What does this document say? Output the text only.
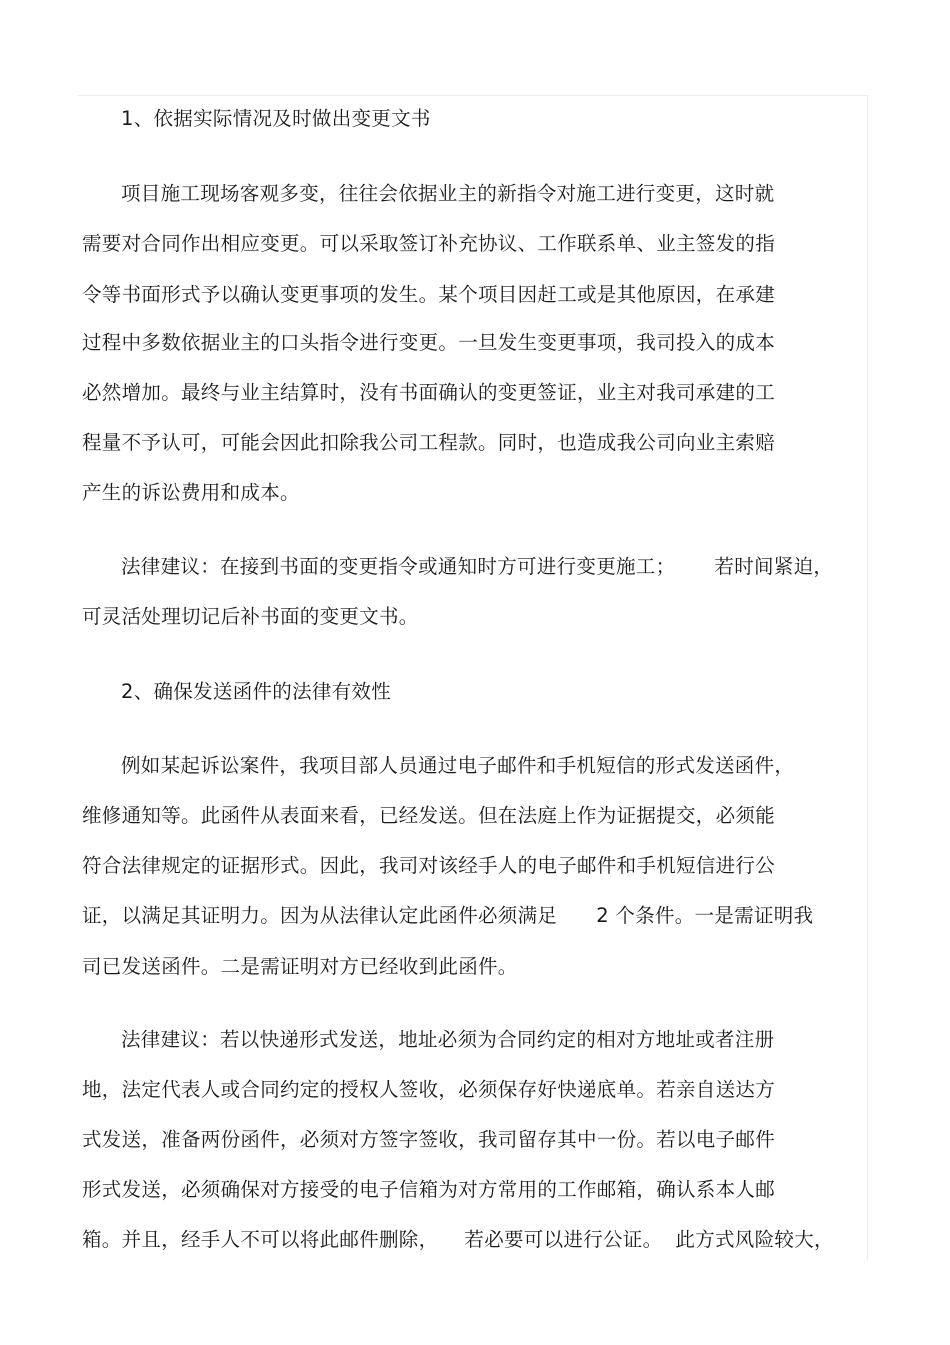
1、依据实际情况及时做出变更文书
项目施工现场客观多变，往往会依据业主的新指令对施工进行变更，这时就
需要对合同作出相应变更。可以采取签订补充协议、工作联系单、业主签发的指
令等书面形式予以确认变更事项的发生。某个项目因赶工或是其他原因，在承建
过程中多数依据业主的口头指令进行变更。一旦发生变更事项，我司投入的成本
必然增加。最终与业主结算时，没有书面确认的变更签证，业主对我司承建的工
程量不予认可，可能会因此扣除我公司工程款。同时，也造成我公司向业主索赔
产生的诉讼费用和成本。
法律建议：在接到书面的变更指令或通知时方可进行变更施工；      若时间紧迫，
可灵活处理切记后补书面的变更文书。
2、确保发送函件的法律有效性
例如某起诉讼案件，我项目部人员通过电子邮件和手机短信的形式发送函件，
维修通知等。此函件从表面来看，已经发送。但在法庭上作为证据提交，必须能
符合法律规定的证据形式。因此，我司对该经手人的电子邮件和手机短信进行公
证，以满足其证明力。因为从法律认定此函件必须满足      2 个条件。一是需证明我
司已发送函件。二是需证明对方已经收到此函件。
法律建议：若以快递形式发送，地址必须为合同约定的相对方地址或者注册
地，法定代表人或合同约定的授权人签收，必须保存好快递底单。若亲自送达方
式发送，准备两份函件，必须对方签字签收，我司留存其中一份。若以电子邮件
形式发送，必须确保对方接受的电子信箱为对方常用的工作邮箱，确认系本人邮
箱。并且，经手人不可以将此邮件删除，    若必要可以进行公证。  此方式风险较大，
